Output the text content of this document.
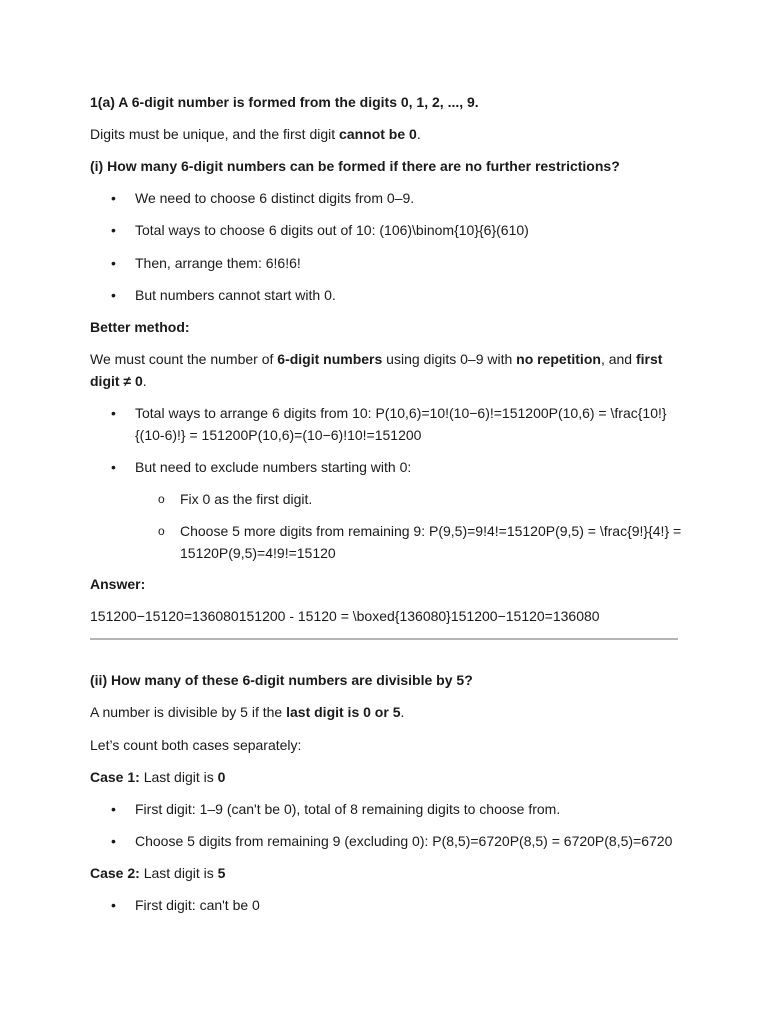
1(a) A 6-digit number is formed from the digits 0, 1, 2, ..., 9.
Digits must be unique, and the first digit cannot be 0.
(i) How many 6-digit numbers can be formed if there are no further restrictions?
•
We need to choose 6 distinct digits from 0–9.
•
Total ways to choose 6 digits out of 10: (106)\binom{10}{6}(610)
•
Then, arrange them: 6!6!6!
•
But numbers cannot start with 0.
Better method:
We must count the number of 6-digit numbers using digits 0–9 with no repetition, and first
digit ≠ 0.
•
Total ways to arrange 6 digits from 10: P(10,6)=10!(10−6)!=151200P(10,6) = \frac{10!}
{(10-6)!} = 151200P(10,6)=(10−6)!10!=151200
•
But need to exclude numbers starting with 0:
o
Fix 0 as the first digit.
o
Choose 5 more digits from remaining 9: P(9,5)=9!4!=15120P(9,5) = \frac{9!}{4!} =
15120P(9,5)=4!9!=15120
Answer:
151200−15120=136080151200 - 15120 = \boxed{136080}151200−15120=136080
(ii) How many of these 6-digit numbers are divisible by 5?
A number is divisible by 5 if the last digit is 0 or 5.
Let’s count both cases separately:
Case 1: Last digit is 0
•
First digit: 1–9 (can't be 0), total of 8 remaining digits to choose from.
•
Choose 5 digits from remaining 9 (excluding 0): P(8,5)=6720P(8,5) = 6720P(8,5)=6720
Case 2: Last digit is 5
•
First digit: can't be 0
